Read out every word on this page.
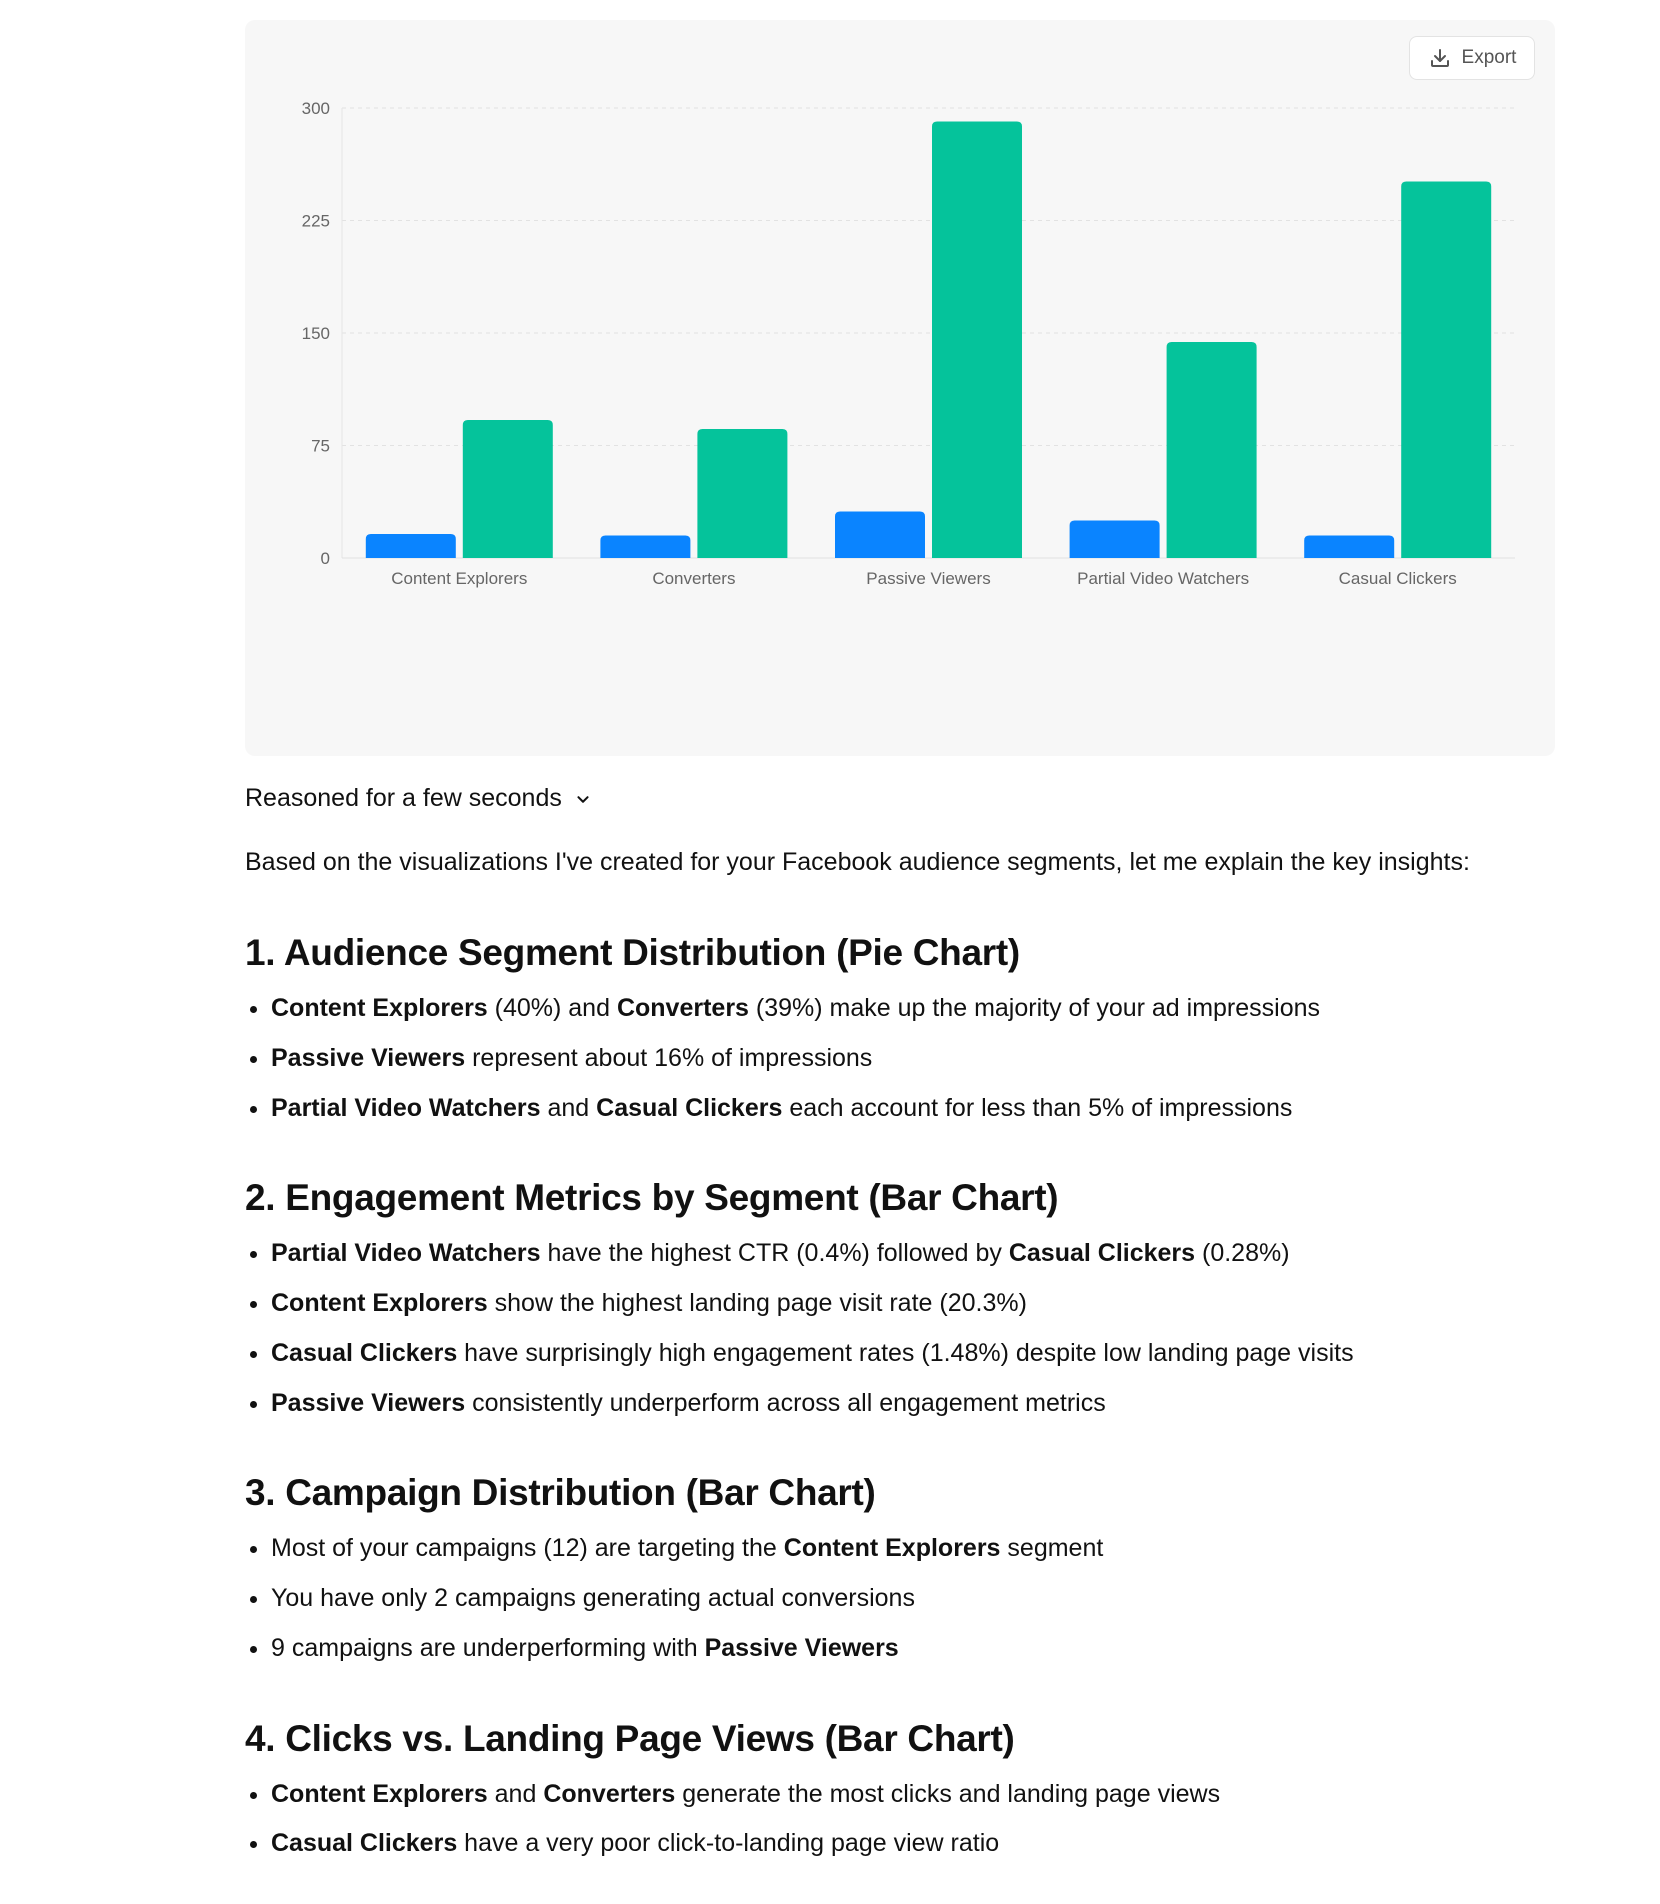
0
75
150
225
300
Content Explorers	Converters	Passive Viewers	Partial Video Watchers	Casual Clickers
Export
Reasoned for a few seconds

Based on the visualizations I've created for your Facebook audience segments, let me explain the key insights:

1. Audience Segment Distribution (Pie Chart)
• Content Explorers (40%) and Converters (39%) make up the majority of your ad impressions
• Passive Viewers represent about 16% of impressions
• Partial Video Watchers and Casual Clickers each account for less than 5% of impressions
2. Engagement Metrics by Segment (Bar Chart)
• Partial Video Watchers have the highest CTR (0.4%) followed by Casual Clickers (0.28%)
• Content Explorers show the highest landing page visit rate (20.3%)
• Casual Clickers have surprisingly high engagement rates (1.48%) despite low landing page visits
• Passive Viewers consistently underperform across all engagement metrics
3. Campaign Distribution (Bar Chart)
• Most of your campaigns (12) are targeting the Content Explorers segment
• You have only 2 campaigns generating actual conversions
• 9 campaigns are underperforming with Passive Viewers
4. Clicks vs. Landing Page Views (Bar Chart)
• Content Explorers and Converters generate the most clicks and landing page views
• Casual Clickers have a very poor click-to-landing page view ratio
